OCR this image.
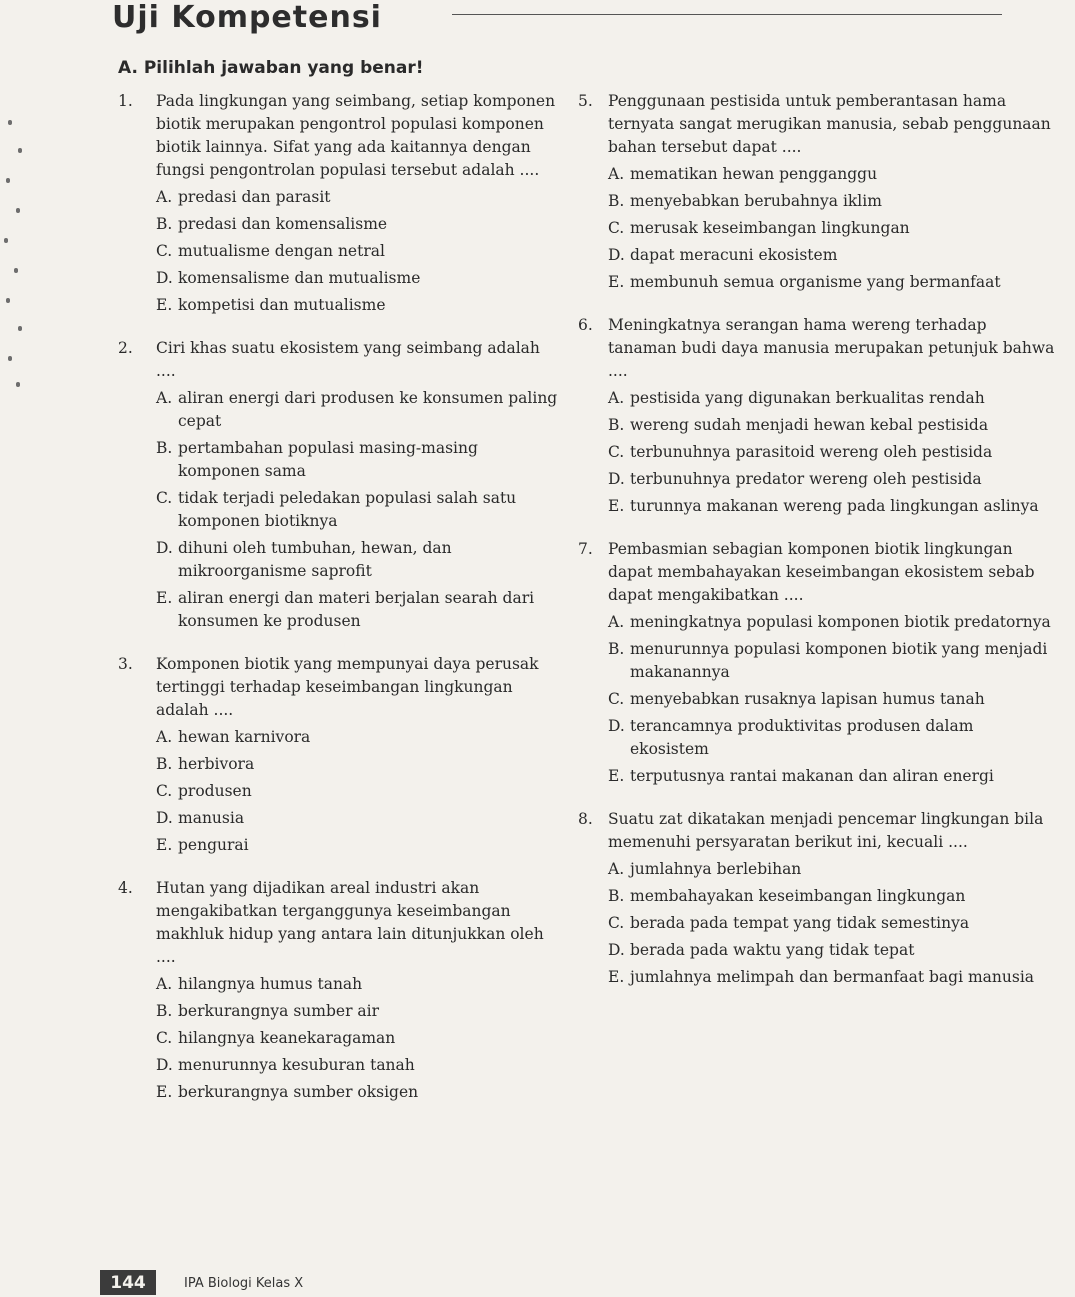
Uji Kompetensi
A. Pilihlah jawaban yang benar!
1. Pada lingkungan yang seimbang, setiap komponen biotik merupakan pengontrol populasi komponen biotik lainnya. Sifat yang ada kaitannya dengan fungsi pengontrolan populasi tersebut adalah ....
A. predasi dan parasit
B. predasi dan komensalisme
C. mutualisme dengan netral
D. komensalisme dan mutualisme
E. kompetisi dan mutualisme
2. Ciri khas suatu ekosistem yang seimbang adalah ....
A. aliran energi dari produsen ke konsumen paling cepat
B. pertambahan populasi masing-masing komponen sama
C. tidak terjadi peledakan populasi salah satu komponen biotiknya
D. dihuni oleh tumbuhan, hewan, dan mikroorganisme saprofit
E. aliran energi dan materi berjalan searah dari konsumen ke produsen
3. Komponen biotik yang mempunyai daya perusak tertinggi terhadap keseimbangan lingkungan adalah ....
A. hewan karnivora
B. herbivora
C. produsen
D. manusia
E. pengurai
4. Hutan yang dijadikan areal industri akan mengakibatkan terganggunya keseimbangan makhluk hidup yang antara lain ditunjukkan oleh ....
A. hilangnya humus tanah
B. berkurangnya sumber air
C. hilangnya keanekaragaman
D. menurunnya kesuburan tanah
E. berkurangnya sumber oksigen
5. Penggunaan pestisida untuk pemberantasan hama ternyata sangat merugikan manusia, sebab penggunaan bahan tersebut dapat ....
A. mematikan hewan pengganggu
B. menyebabkan berubahnya iklim
C. merusak keseimbangan lingkungan
D. dapat meracuni ekosistem
E. membunuh semua organisme yang bermanfaat
6. Meningkatnya serangan hama wereng terhadap tanaman budi daya manusia merupakan petunjuk bahwa ....
A. pestisida yang digunakan berkualitas rendah
B. wereng sudah menjadi hewan kebal pestisida
C. terbunuhnya parasitoid wereng oleh pestisida
D. terbunuhnya predator wereng oleh pestisida
E. turunnya makanan wereng pada lingkungan aslinya
7. Pembasmian sebagian komponen biotik lingkungan dapat membahayakan keseimbangan ekosistem sebab dapat mengakibatkan ....
A. meningkatnya populasi komponen biotik predatornya
B. menurunnya populasi komponen biotik yang menjadi makanannya
C. menyebabkan rusaknya lapisan humus tanah
D. terancamnya produktivitas produsen dalam ekosistem
E. terputusnya rantai makanan dan aliran energi
8. Suatu zat dikatakan menjadi pencemar lingkungan bila memenuhi persyaratan berikut ini, kecuali ....
A. jumlahnya berlebihan
B. membahayakan keseimbangan lingkungan
C. berada pada tempat yang tidak semestinya
D. berada pada waktu yang tidak tepat
E. jumlahnya melimpah dan bermanfaat bagi manusia
144	IPA Biologi Kelas X
